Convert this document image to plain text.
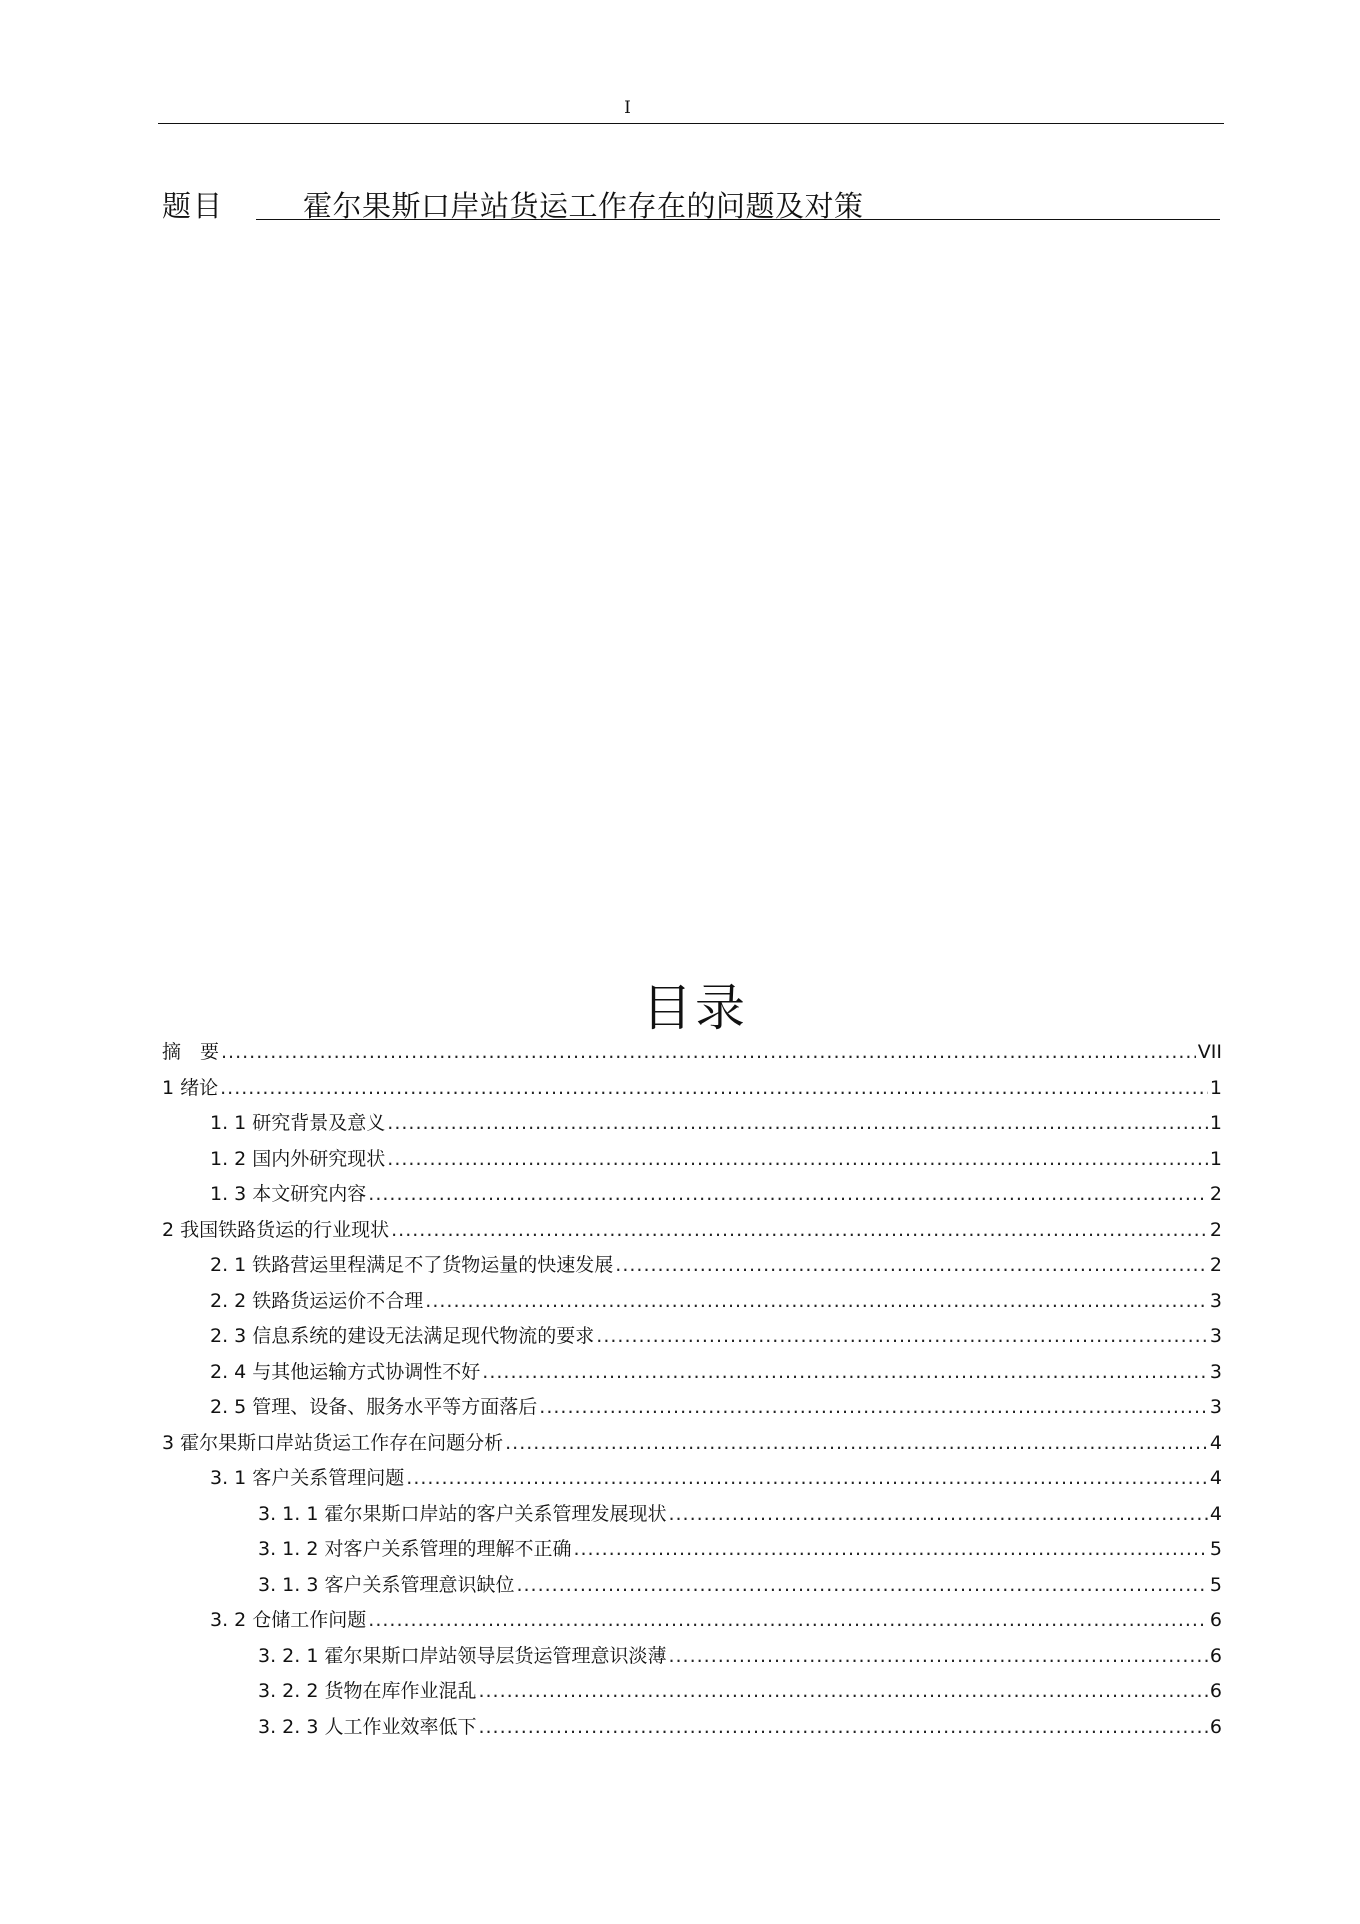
I
题目	霍尔果斯口岸站货运工作存在的问题及对策
目录
摘　要 .....	VII
1 绪论 .....	1
1. 1 研究背景及意义 .....	1
1. 2 国内外研究现状 .....	1
1. 3 本文研究内容 .....	2
2 我国铁路货运的行业现状 .....	2
2. 1 铁路营运里程满足不了货物运量的快速发展 .....	2
2. 2 铁路货运运价不合理 .....	3
2. 3 信息系统的建设无法满足现代物流的要求 .....	3
2. 4 与其他运输方式协调性不好 .....	3
2. 5 管理、设备、服务水平等方面落后 .....	3
3 霍尔果斯口岸站货运工作存在问题分析 .....	4
3. 1 客户关系管理问题 .....	4
3. 1. 1 霍尔果斯口岸站的客户关系管理发展现状 .....	4
3. 1. 2 对客户关系管理的理解不正确 .....	5
3. 1. 3 客户关系管理意识缺位 .....	5
3. 2 仓储工作问题 .....	6
3. 2. 1 霍尔果斯口岸站领导层货运管理意识淡薄 .....	6
3. 2. 2 货物在库作业混乱 .....	6
3. 2. 3 人工作业效率低下 .....	6
